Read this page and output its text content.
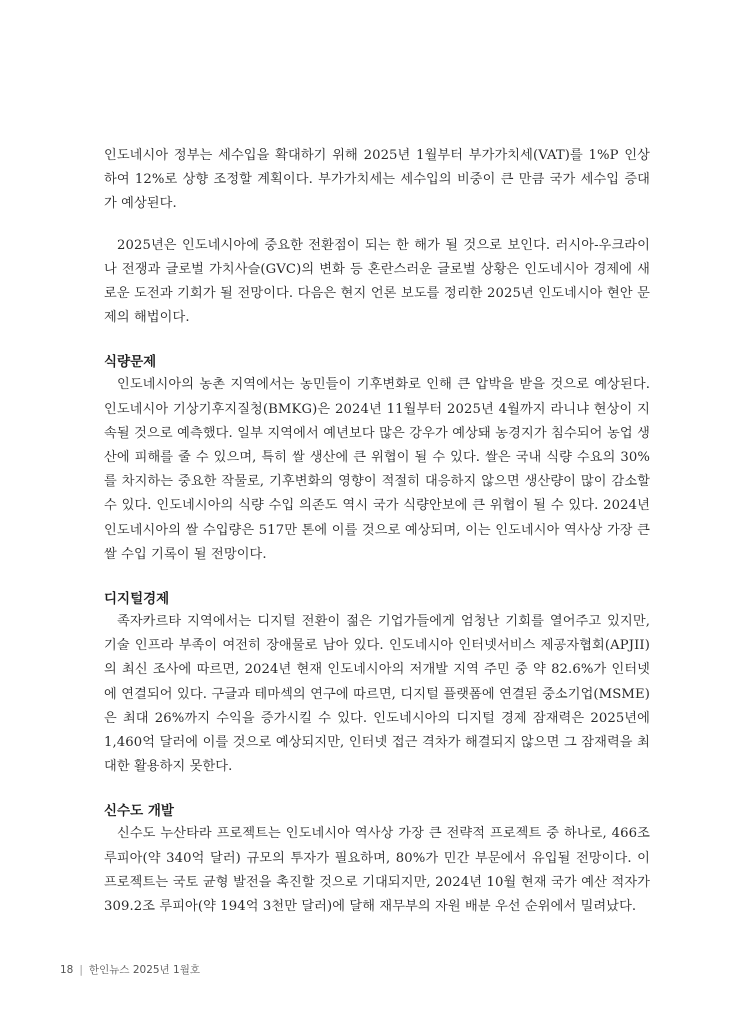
인도네시아 정부는 세수입을 확대하기 위해 2025년 1월부터 부가가치세(VAT)를 1%P 인상하여 12%로 상향 조정할 계획이다. 부가가치세는 세수입의 비중이 큰 만큼 국가 세수입 증대가 예상된다.

2025년은 인도네시아에 중요한 전환점이 되는 한 해가 될 것으로 보인다. 러시아-우크라이나 전쟁과 글로벌 가치사슬(GVC)의 변화 등 혼란스러운 글로벌 상황은 인도네시아 경제에 새로운 도전과 기회가 될 전망이다. 다음은 현지 언론 보도를 정리한 2025년 인도네시아 현안 문제의 해법이다.

식량문제

인도네시아의 농촌 지역에서는 농민들이 기후변화로 인해 큰 압박을 받을 것으로 예상된다. 인도네시아 기상기후지질청(BMKG)은 2024년 11월부터 2025년 4월까지 라니냐 현상이 지속될 것으로 예측했다. 일부 지역에서 예년보다 많은 강우가 예상돼 농경지가 침수되어 농업 생산에 피해를 줄 수 있으며, 특히 쌀 생산에 큰 위협이 될 수 있다. 쌀은 국내 식량 수요의 30%를 차지하는 중요한 작물로, 기후변화의 영향이 적절히 대응하지 않으면 생산량이 많이 감소할 수 있다. 인도네시아의 식량 수입 의존도 역시 국가 식량안보에 큰 위협이 될 수 있다. 2024년 인도네시아의 쌀 수입량은 517만 톤에 이를 것으로 예상되며, 이는 인도네시아 역사상 가장 큰 쌀 수입 기록이 될 전망이다.

디지털경제

족자카르타 지역에서는 디지털 전환이 젊은 기업가들에게 엄청난 기회를 열어주고 있지만, 기술 인프라 부족이 여전히 장애물로 남아 있다. 인도네시아 인터넷서비스 제공자협회(APJII)의 최신 조사에 따르면, 2024년 현재 인도네시아의 저개발 지역 주민 중 약 82.6%가 인터넷에 연결되어 있다. 구글과 테마섹의 연구에 따르면, 디지털 플랫폼에 연결된 중소기업(MSME)은 최대 26%까지 수익을 증가시킬 수 있다. 인도네시아의 디지털 경제 잠재력은 2025년에 1,460억 달러에 이를 것으로 예상되지만, 인터넷 접근 격차가 해결되지 않으면 그 잠재력을 최대한 활용하지 못한다.

신수도 개발

신수도 누산타라 프로젝트는 인도네시아 역사상 가장 큰 전략적 프로젝트 중 하나로, 466조 루피아(약 340억 달러) 규모의 투자가 필요하며, 80%가 민간 부문에서 유입될 전망이다. 이 프로젝트는 국토 균형 발전을 촉진할 것으로 기대되지만, 2024년 10월 현재 국가 예산 적자가 309.2조 루피아(약 194억 3천만 달러)에 달해 재무부의 자원 배분 우선 순위에서 밀려났다.

18 | 한인뉴스 2025년 1월호
